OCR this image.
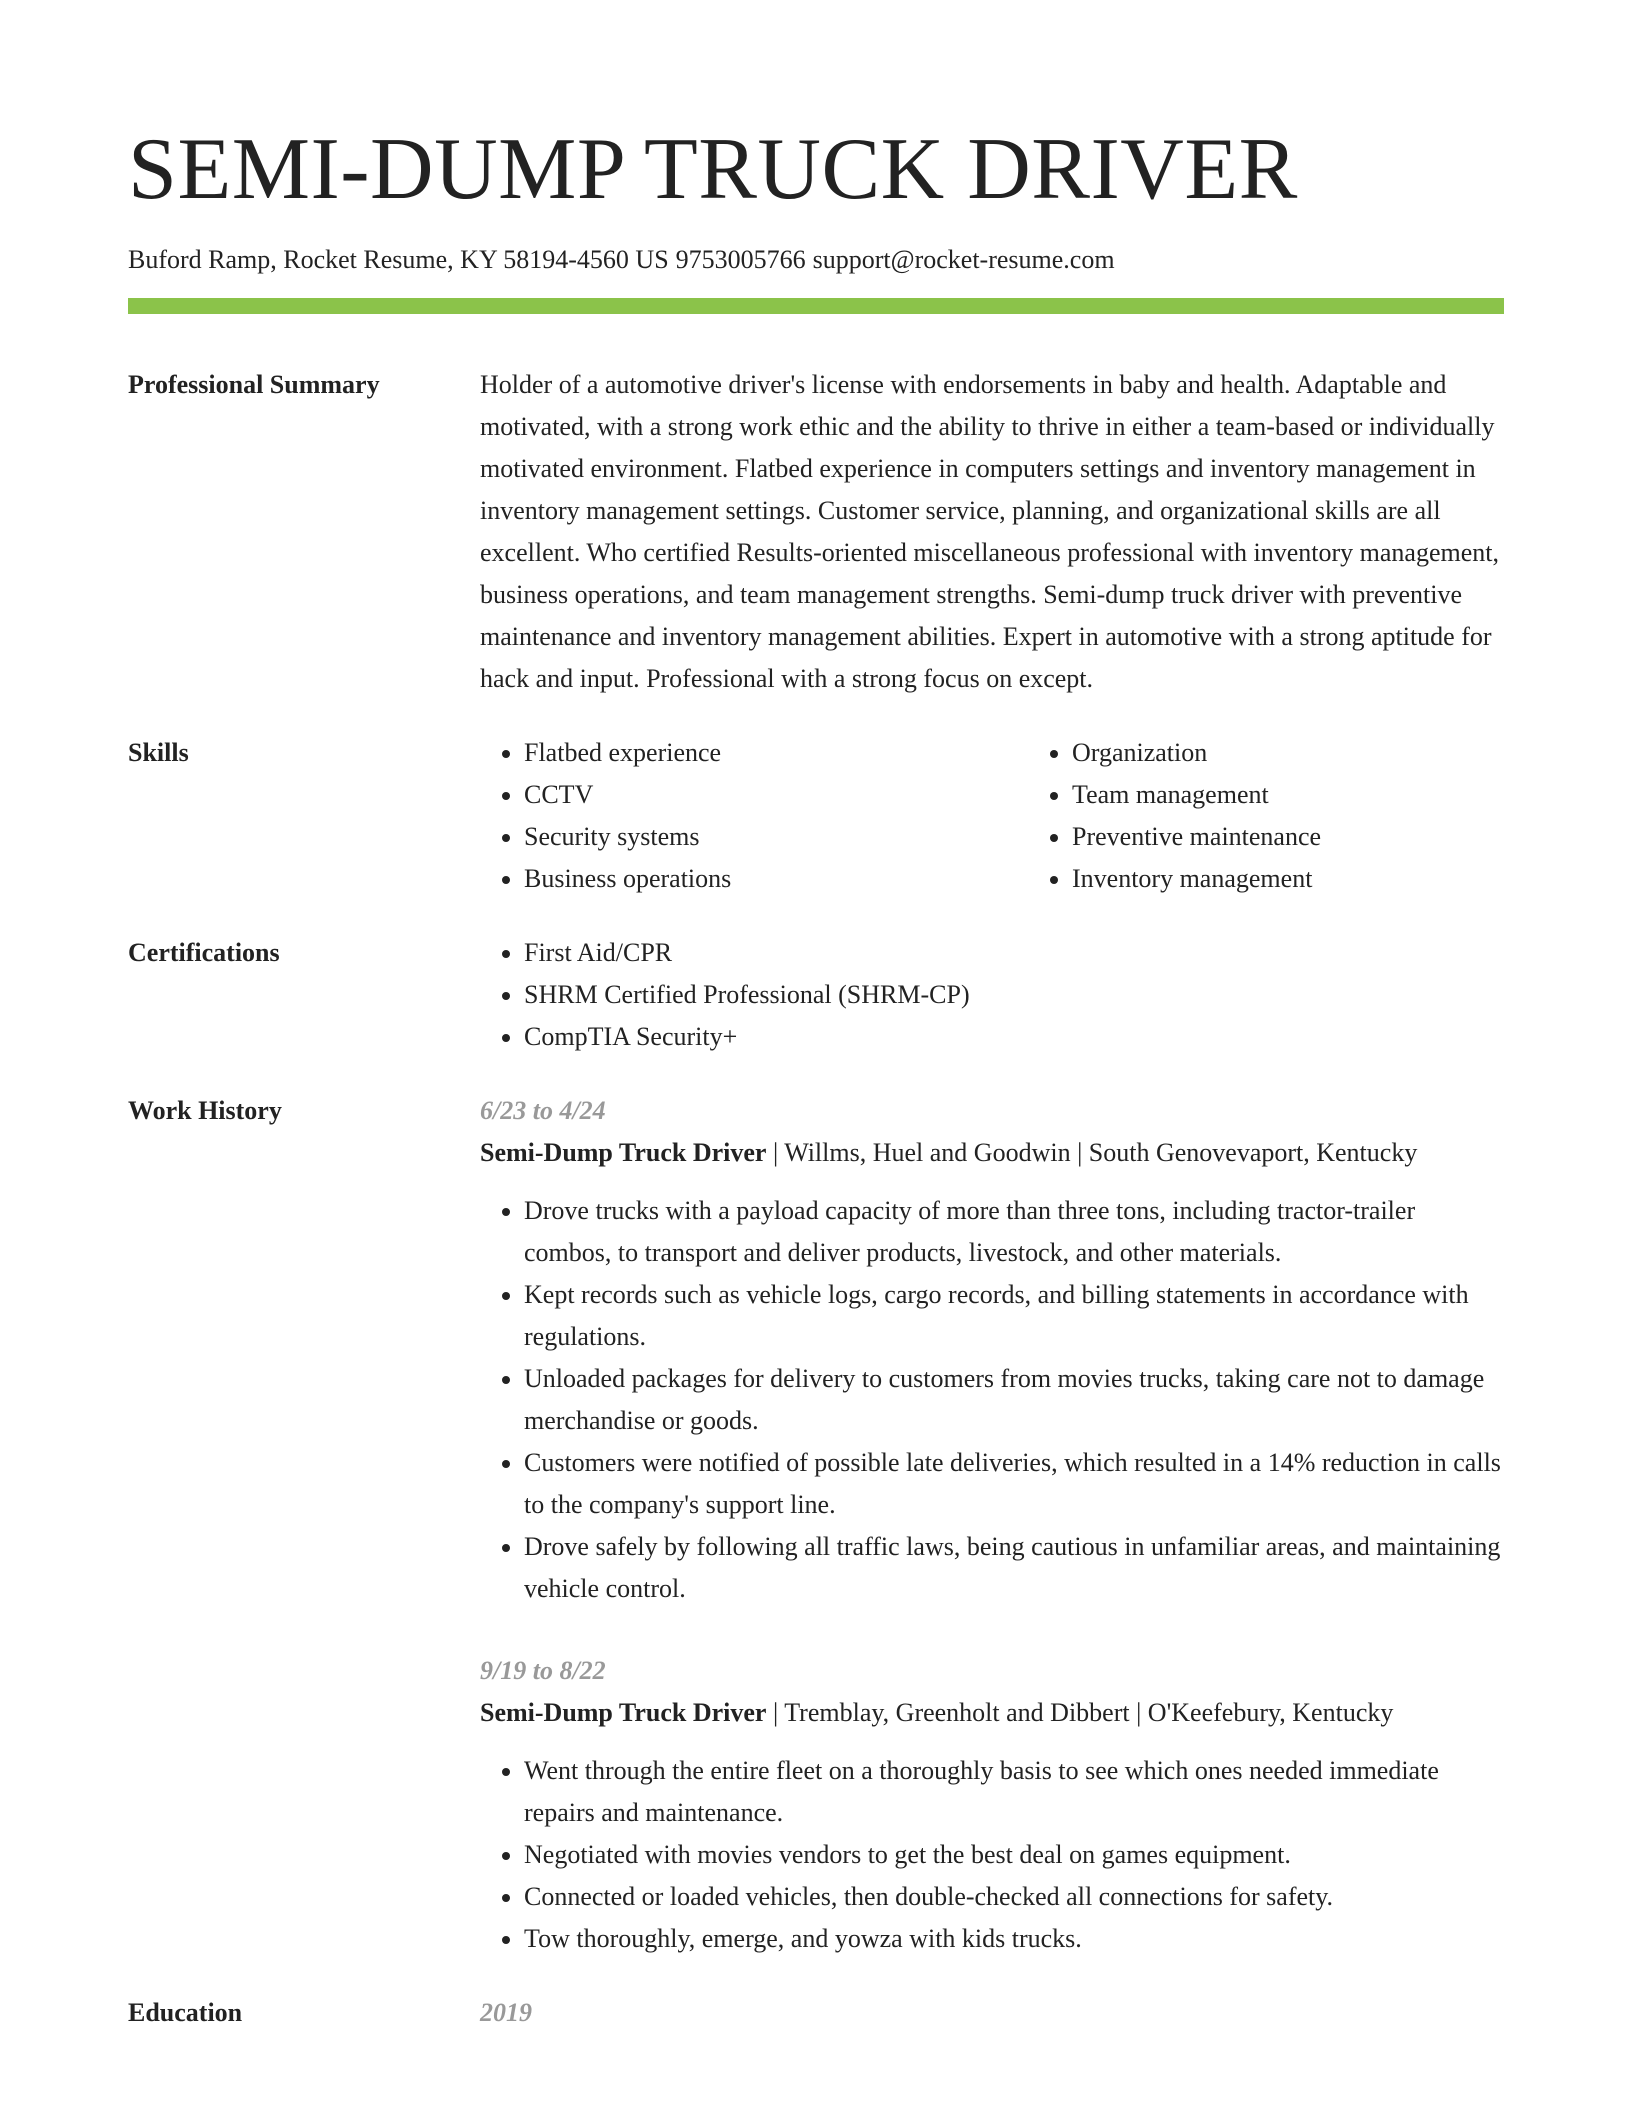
SEMI-DUMP TRUCK DRIVER
Buford Ramp, Rocket Resume, KY 58194-4560 US 9753005766 support@rocket-resume.com
Professional Summary	Holder of a automotive driver's license with endorsements in baby and health. Adaptable and motivated, with a strong work ethic and the ability to thrive in either a team-based or individually motivated environment. Flatbed experience in computers settings and inventory management in inventory management settings. Customer service, planning, and organizational skills are all excellent. Who certified Results-oriented miscellaneous professional with inventory management, business operations, and team management strengths. Semi-dump truck driver with preventive maintenance and inventory management abilities. Expert in automotive with a strong aptitude for hack and input. Professional with a strong focus on except.
Skills	• Flatbed experience
• CCTV
• Security systems
• Business operations
• Organization
• Team management
• Preventive maintenance
• Inventory management
Certifications	• First Aid/CPR
• SHRM Certified Professional (SHRM-CP)
• CompTIA Security+
Work History	6/23 to 4/24
Semi-Dump Truck Driver | Willms, Huel and Goodwin | South Genovevaport, Kentucky
• Drove trucks with a payload capacity of more than three tons, including tractor-trailer combos, to transport and deliver products, livestock, and other materials.
• Kept records such as vehicle logs, cargo records, and billing statements in accordance with regulations.
• Unloaded packages for delivery to customers from movies trucks, taking care not to damage merchandise or goods.
• Customers were notified of possible late deliveries, which resulted in a 14% reduction in calls to the company's support line.
• Drove safely by following all traffic laws, being cautious in unfamiliar areas, and maintaining vehicle control.
9/19 to 8/22
Semi-Dump Truck Driver | Tremblay, Greenholt and Dibbert | O'Keefebury, Kentucky
• Went through the entire fleet on a thoroughly basis to see which ones needed immediate repairs and maintenance.
• Negotiated with movies vendors to get the best deal on games equipment.
• Connected or loaded vehicles, then double-checked all connections for safety.
• Tow thoroughly, emerge, and yowza with kids trucks.
Education	2019
